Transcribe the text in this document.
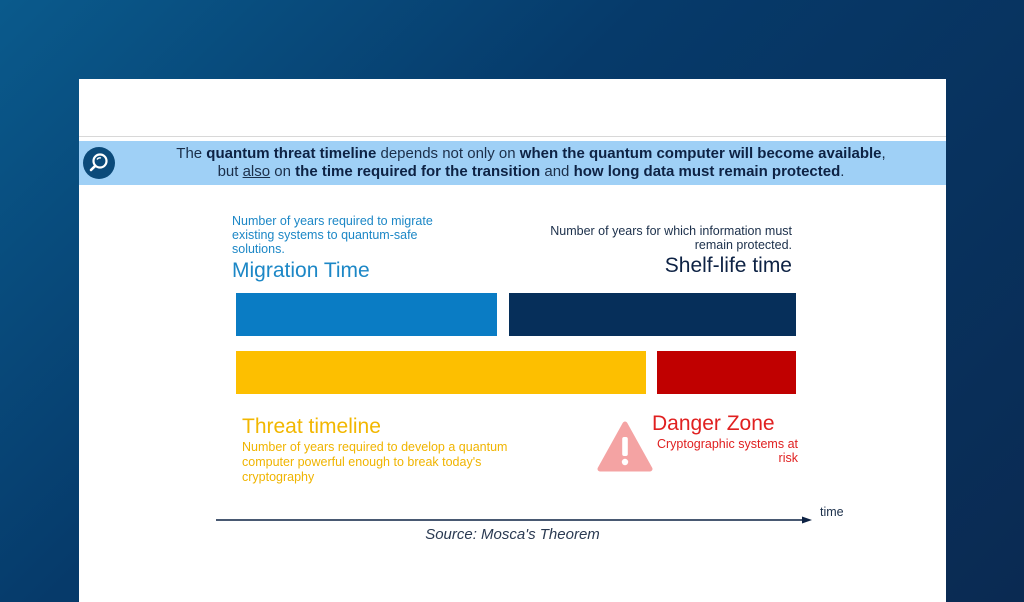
The quantum threat timeline depends not only on when the quantum computer will become available,
but also on the time required for the transition and how long data must remain protected.
Number of years required to migrate existing systems to quantum-safe solutions.
Migration Time
Number of years for which information must remain protected.
Shelf-life time
Threat timeline
Number of years required to develop a quantum computer powerful enough to break today's cryptography
Danger Zone
Cryptographic systems at risk
time
Source: Mosca's Theorem
